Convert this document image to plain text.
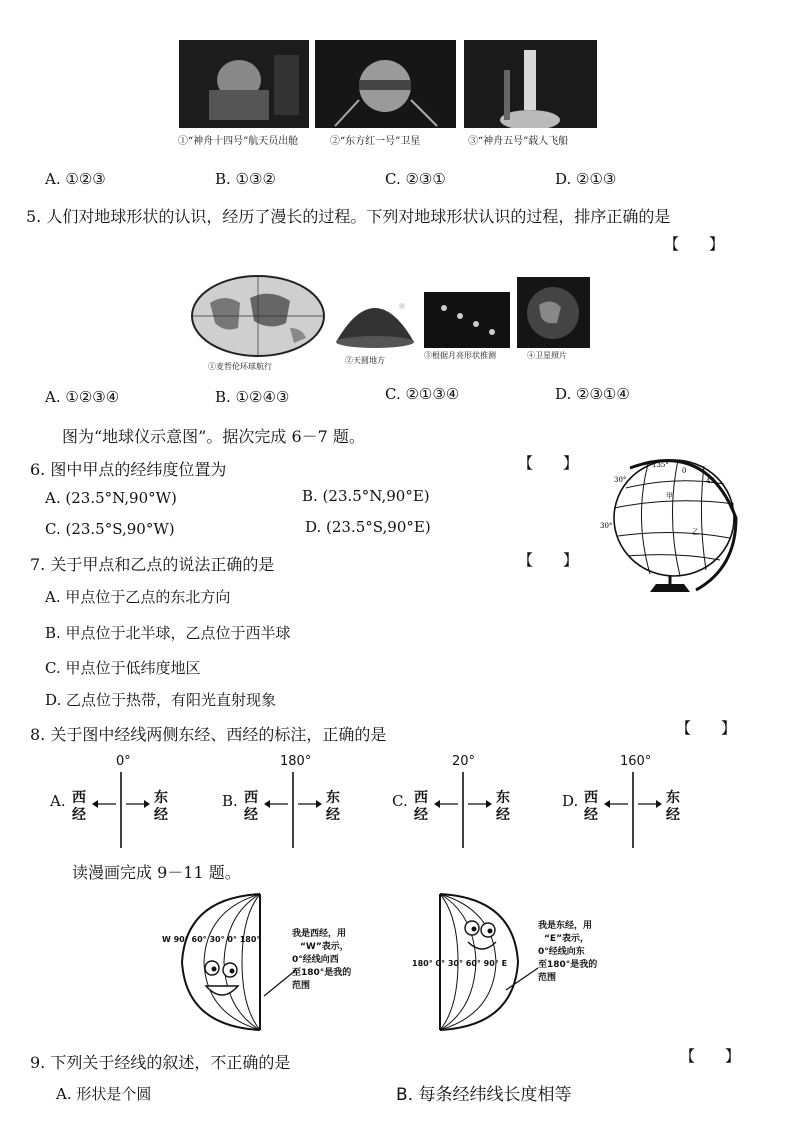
①“神舟十四号”航天员出舱	②“东方红一号”卫星	③“神舟五号”载人飞船
A. ①②③	B. ①③②	C. ②③①	D. ②①③
5. 人们对地球形状的认识，经历了漫长的过程。下列对地球形状认识的过程，排序正确的是
【　　】
①麦哲伦环球航行
②天圆地方
③根据月亮形状推测	④卫星照片
A. ①②③④	B. ①②④③	C. ②①③④	D. ②③①④
图为“地球仪示意图”。据次完成 6－7 题。
6. 图中甲点的经纬度位置为	【　　】
A. (23.5°N,90°W)	B. (23.5°N,90°E)
C. (23.5°S,90°W)	D. (23.5°S,90°E)
30°
135°
0
45
30°
甲
乙
7. 关于甲点和乙点的说法正确的是	【　　】
A. 甲点位于乙点的东北方向
B. 甲点位于北半球，乙点位于西半球
C. 甲点位于低纬度地区
D. 乙点位于热带，有阳光直射现象
8. 关于图中经线两侧东经、西经的标注，正确的是	【　　】
A.
0°
西
经
东
经
B.
180°
西
经
东
经
C.
20°
西
经
东
经
D.
160°
西
经
东
经
读漫画完成 9－11 题。
W 90° 60° 30° 0° 180°
我是西经，用
“W”表示，
0°经线向西
至180°是我的
范围
180° 0° 30° 60° 90° E
我是东经，用
“E”表示，
0°经线向东
至180°是我的
范围
9. 下列关于经线的叙述，不正确的是	【　　】
A. 形状是个圆	B. 每条经纬线长度相等
